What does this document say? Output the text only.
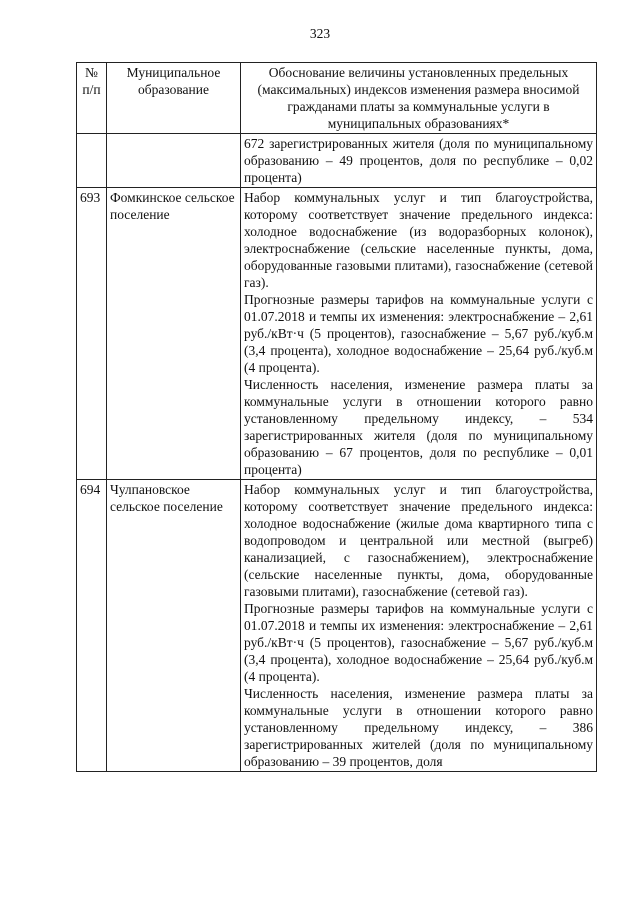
323
№ п/п	Муниципальное образование	Обоснование величины установленных предельных (максимальных) индексов изменения размера вносимой гражданами платы за коммунальные услуги в муниципальных образованиях*

		672 зарегистрированных жителя (доля по муниципальному образованию – 49 процентов, доля по республике – 0,02 процента)

693	Фомкинское сельское поселение	Набор коммунальных услуг и тип благоустройства, которому соответствует значение предельного индекса: холодное водоснабжение (из водоразборных колонок), электроснабжение (сельские населенные пункты, дома, оборудованные газовыми плитами), газоснабжение (сетевой газ).
Прогнозные размеры тарифов на коммунальные услуги с 01.07.2018 и темпы их изменения: электроснабжение – 2,61 руб./кВт·ч (5 процентов), газоснабжение – 5,67 руб./куб.м (3,4 процента), холодное водоснабжение – 25,64 руб./куб.м (4 процента).
Численность населения, изменение размера платы за коммунальные услуги в отношении которого равно установленному предельному индексу, – 534 зарегистрированных жителя (доля по муниципальному образованию – 67 процентов, доля по республике – 0,01 процента)

694	Чулпановское сельское поселение	Набор коммунальных услуг и тип благоустройства, которому соответствует значение предельного индекса: холодное водоснабжение (жилые дома квартирного типа с водопроводом и центральной или местной (выгреб) канализацией, с газоснабжением), электроснабжение (сельские населенные пункты, дома, оборудованные газовыми плитами), газоснабжение (сетевой газ).
Прогнозные размеры тарифов на коммунальные услуги с 01.07.2018 и темпы их изменения: электроснабжение – 2,61 руб./кВт·ч (5 процентов), газоснабжение – 5,67 руб./куб.м (3,4 процента), холодное водоснабжение – 25,64 руб./куб.м (4 процента).
Численность населения, изменение размера платы за коммунальные услуги в отношении которого равно установленному предельному индексу, – 386 зарегистрированных жителей (доля по муниципальному образованию – 39 процентов, доля
